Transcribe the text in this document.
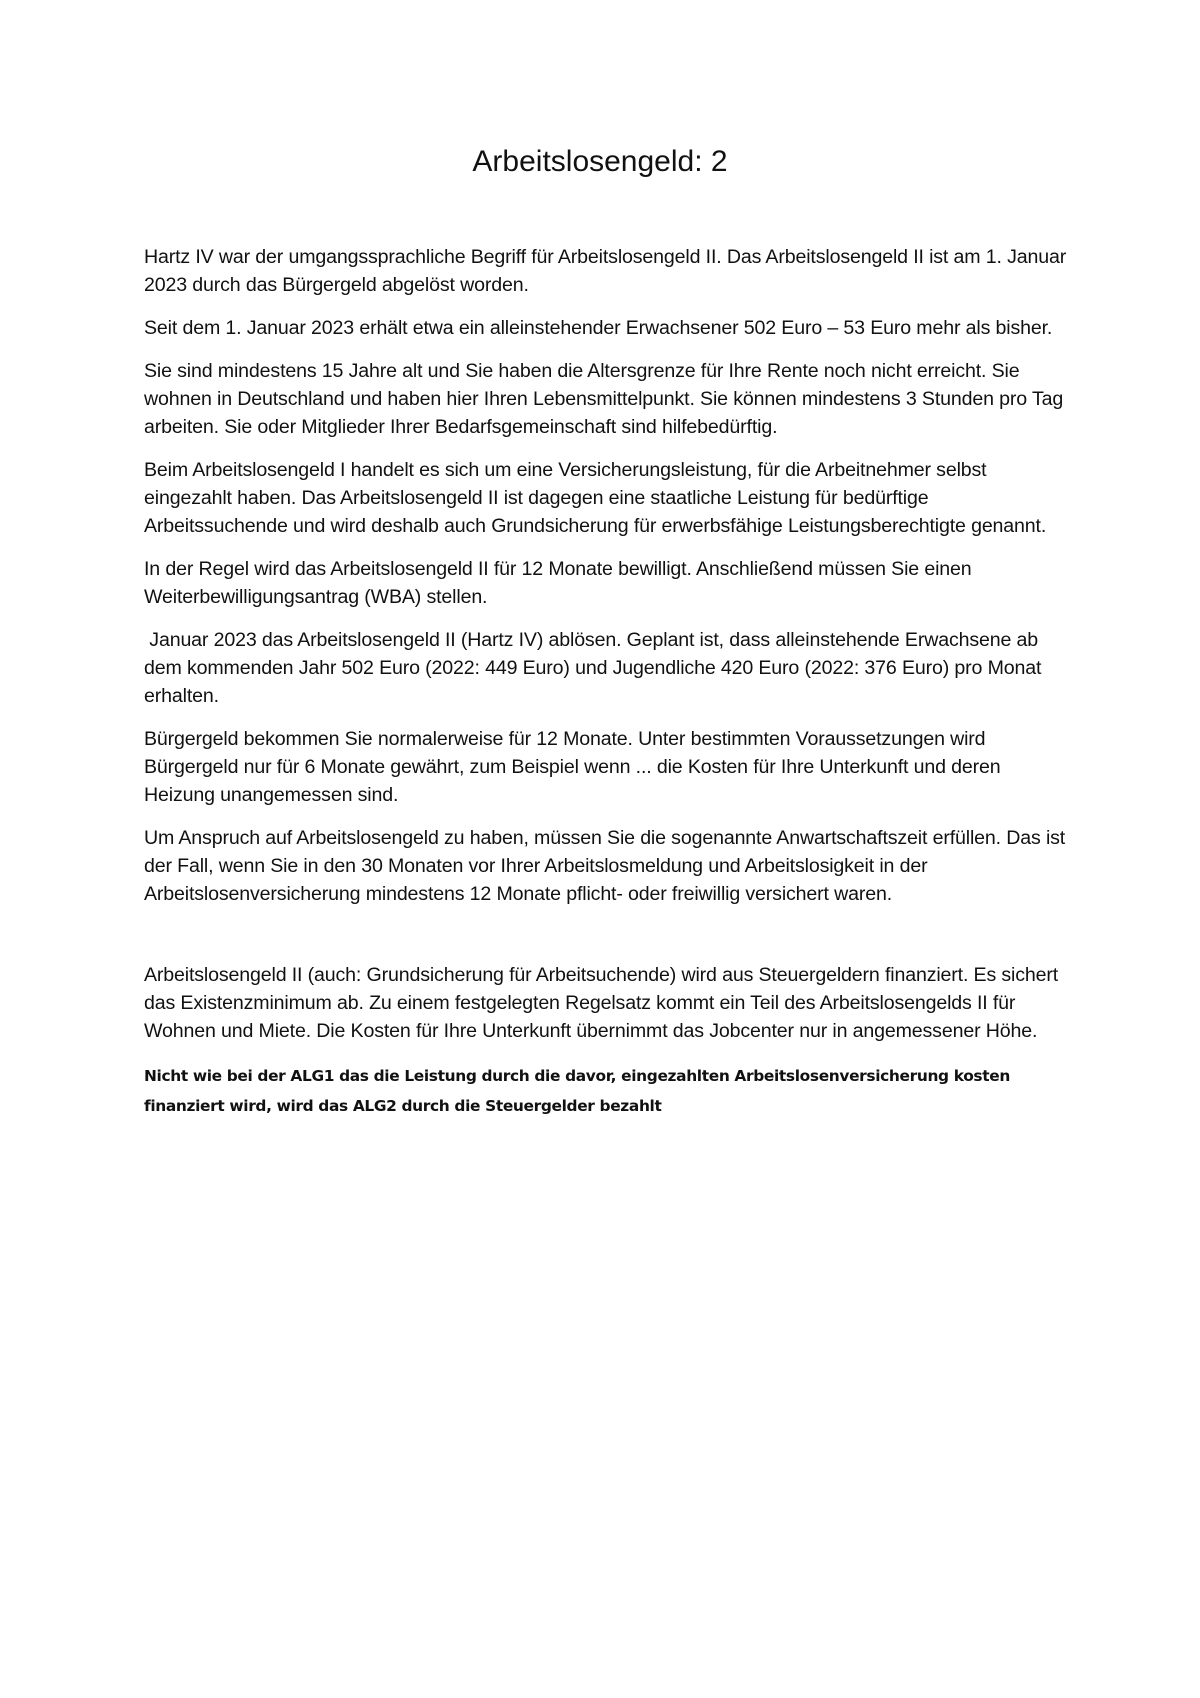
Arbeitslosengeld: 2

Hartz IV war der umgangssprachliche Begriff für Arbeitslosengeld II. Das Arbeitslosengeld II ist am 1. Januar 2023 durch das Bürgergeld abgelöst worden.

Seit dem 1. Januar 2023 erhält etwa ein alleinstehender Erwachsener 502 Euro – 53 Euro mehr als bisher.

Sie sind mindestens 15 Jahre alt und Sie haben die Altersgrenze für Ihre Rente noch nicht erreicht. Sie wohnen in Deutschland und haben hier Ihren Lebensmittelpunkt. Sie können mindestens 3 Stunden pro Tag arbeiten. Sie oder Mitglieder Ihrer Bedarfsgemeinschaft sind hilfebedürftig.

Beim Arbeitslosengeld I handelt es sich um eine Versicherungsleistung, für die Arbeitnehmer selbst eingezahlt haben. Das Arbeitslosengeld II ist dagegen eine staatliche Leistung für bedürftige Arbeitssuchende und wird deshalb auch Grundsicherung für erwerbsfähige Leistungsberechtigte genannt.

In der Regel wird das Arbeitslosengeld II für 12 Monate bewilligt. Anschließend müssen Sie einen Weiterbewilligungsantrag (WBA) stellen.

Januar 2023 das Arbeitslosengeld II (Hartz IV) ablösen. Geplant ist, dass alleinstehende Erwachsene ab dem kommenden Jahr 502 Euro (2022: 449 Euro) und Jugendliche 420 Euro (2022: 376 Euro) pro Monat erhalten.

Bürgergeld bekommen Sie normalerweise für 12 Monate. Unter bestimmten Voraussetzungen wird Bürgergeld nur für 6 Monate gewährt, zum Beispiel wenn ... die Kosten für Ihre Unterkunft und deren Heizung unangemessen sind.

Um Anspruch auf Arbeitslosengeld zu haben, müssen Sie die sogenannte Anwartschaftszeit erfüllen. Das ist der Fall, wenn Sie in den 30 Monaten vor Ihrer Arbeitslosmeldung und Arbeitslosigkeit in der Arbeitslosenversicherung mindestens 12 Monate pflicht- oder freiwillig versichert waren.

Arbeitslosengeld II (auch: Grundsicherung für Arbeitsuchende) wird aus Steuergeldern finanziert. Es sichert das Existenzminimum ab. Zu einem festgelegten Regelsatz kommt ein Teil des Arbeitslosengelds II für Wohnen und Miete. Die Kosten für Ihre Unterkunft übernimmt das Jobcenter nur in angemessener Höhe.

Nicht wie bei der ALG1 das die Leistung durch die davor, eingezahlten Arbeitslosenversicherung kosten finanziert wird, wird das ALG2 durch die Steuergelder bezahlt
